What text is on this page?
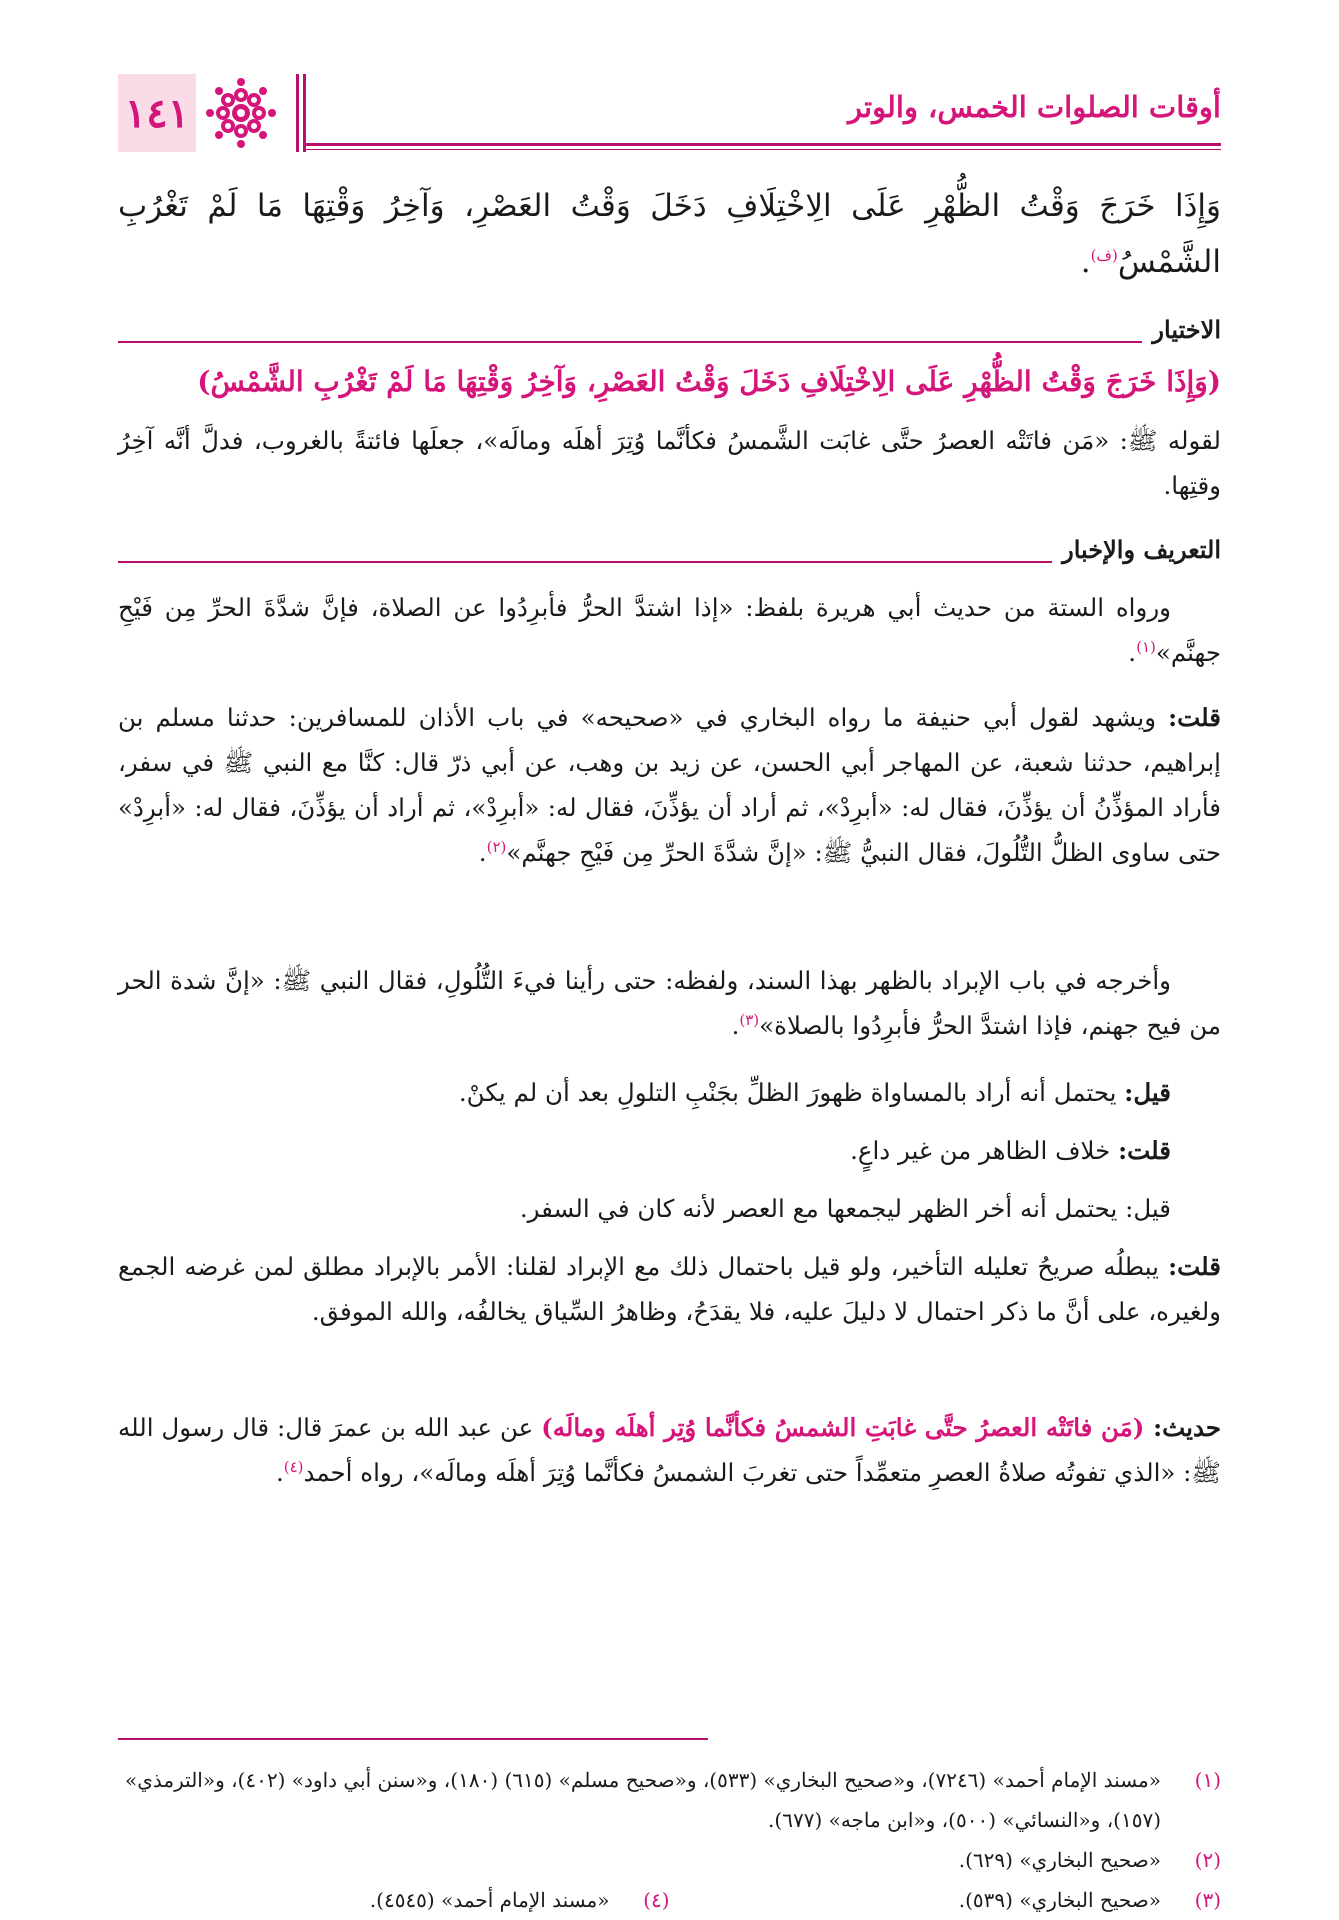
١٤١	أوقات الصلوات الخمس، والوتر
وَإِذَا خَرَجَ وَقْتُ الظُّهْرِ عَلَى الِاخْتِلَافِ دَخَلَ وَقْتُ العَصْرِ، وَآخِرُ وَقْتِهَا مَا لَمْ تَغْرُبِ الشَّمْسُ$^{(ف)}$.
الاختيار
(وَإِذَا خَرَجَ وَقْتُ الظُّهْرِ عَلَى الِاخْتِلَافِ دَخَلَ وَقْتُ العَصْرِ، وَآخِرُ وَقْتِهَا مَا لَمْ تَغْرُبِ الشَّمْسُ)
لقوله ﷺ: «مَن فاتَتْه العصرُ حتَّى غابَت الشَّمسُ فكأنَّما وُتِرَ أهلَه ومالَه»، جعلَها فائتةً بالغروب، فدلَّ أنَّه آخِرُ وقتِها.
التعريف والإخبار
ورواه الستة من حديث أبي هريرة بلفظ: «إذا اشتدَّ الحرُّ فأبرِدُوا عن الصلاة، فإنَّ شدَّةَ الحرِّ مِن فَيْحِ جهنَّم»$^{(١)}$.
قلت: ويشهد لقول أبي حنيفة ما رواه البخاري في «صحيحه» في باب الأذان للمسافرين: حدثنا مسلم بن إبراهيم، حدثنا شعبة، عن المهاجر أبي الحسن، عن زيد بن وهب، عن أبي ذرّ قال: كنَّا مع النبي ﷺ في سفر، فأراد المؤذِّنُ أن يؤذِّنَ، فقال له: «أبرِدْ»، ثم أراد أن يؤذِّنَ، فقال له: «أبرِدْ»، ثم أراد أن يؤذِّنَ، فقال له: «أبرِدْ» حتى ساوى الظلُّ التُّلُولَ، فقال النبيُّ ﷺ: «إنَّ شدَّةَ الحرِّ مِن فَيْحِ جهنَّم»$^{(٢)}$.
وأخرجه في باب الإبراد بالظهر بهذا السند، ولفظه: حتى رأينا فيءَ التُّلُولِ، فقال النبي ﷺ: «إنَّ شدة الحر من فيح جهنم، فإذا اشتدَّ الحرُّ فأبرِدُوا بالصلاة»$^{(٣)}$.
قيل: يحتمل أنه أراد بالمساواة ظهورَ الظلِّ بجَنْبِ التلولِ بعد أن لم يكنْ.
قلت: خلاف الظاهر من غير داعٍ.
قيل: يحتمل أنه أخر الظهر ليجمعها مع العصر لأنه كان في السفر.
قلت: يبطلُه صريحُ تعليله التأخير، ولو قيل باحتمال ذلك مع الإبراد لقلنا: الأمر بالإبراد مطلق لمن غرضه الجمع ولغيره، على أنَّ ما ذكر احتمال لا دليلَ عليه، فلا يقدَحُ، وظاهرُ السِّياق يخالفُه، والله الموفق.
حديث: (مَن فاتَتْه العصرُ حتَّى غابَتِ الشمسُ فكأنَّما وُتِر أهلَه ومالَه) عن عبد الله بن عمرَ قال: قال رسول الله ﷺ: «الذي تفوتُه صلاةُ العصرِ متعمِّداً حتى تغربَ الشمسُ فكأنَّما وُتِرَ أهلَه ومالَه»، رواه أحمد$^{(٤)}$.
(١)
«مسند الإمام أحمد» (٧٢٤٦)، و«صحيح البخاري» (٥٣٣)، و«صحيح مسلم» (٦١٥) (١٨٠)، و«سنن أبي داود» (٤٠٢)، و«الترمذي» (١٥٧)، و«النسائي» (٥٠٠)، و«ابن ماجه» (٦٧٧).
(٢)
«صحيح البخاري» (٦٢٩).
(٣)
«صحيح البخاري» (٥٣٩).
(٤)
«مسند الإمام أحمد» (٤٥٤٥).
